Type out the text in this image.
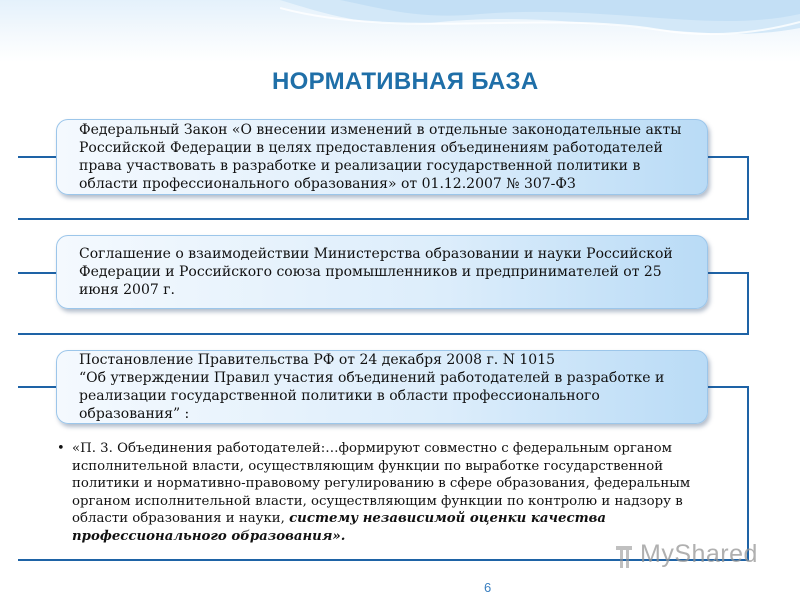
НОРМАТИВНАЯ БАЗА

Федеральный Закон «О внесении изменений в отдельные законодательные акты Российской Федерации в целях предоставления объединениям работодателей права участвовать в разработке и реализации государственной политики в области профессионального образования» от 01.12.2007 № 307-ФЗ

Соглашение о взаимодействии Министерства образовании и науки Российской Федерации и Российского союза промышленников и предпринимателей от 25 июня 2007 г.

Постановление Правительства РФ от 24 декабря 2008 г. N 1015
“Об утверждении Правил участия объединений работодателей в разработке и реализации государственной политики в области профессионального образования” :

• «П. 3. Объединения работодателей:…формируют совместно с федеральным органом исполнительной власти, осуществляющим функции по выработке государственной политики и нормативно-правовому регулированию в сфере образования, федеральным органом исполнительной власти, осуществляющим функции по контролю и надзору в области образования и науки, систему независимой оценки качества профессионального образования».

MyShared
6
